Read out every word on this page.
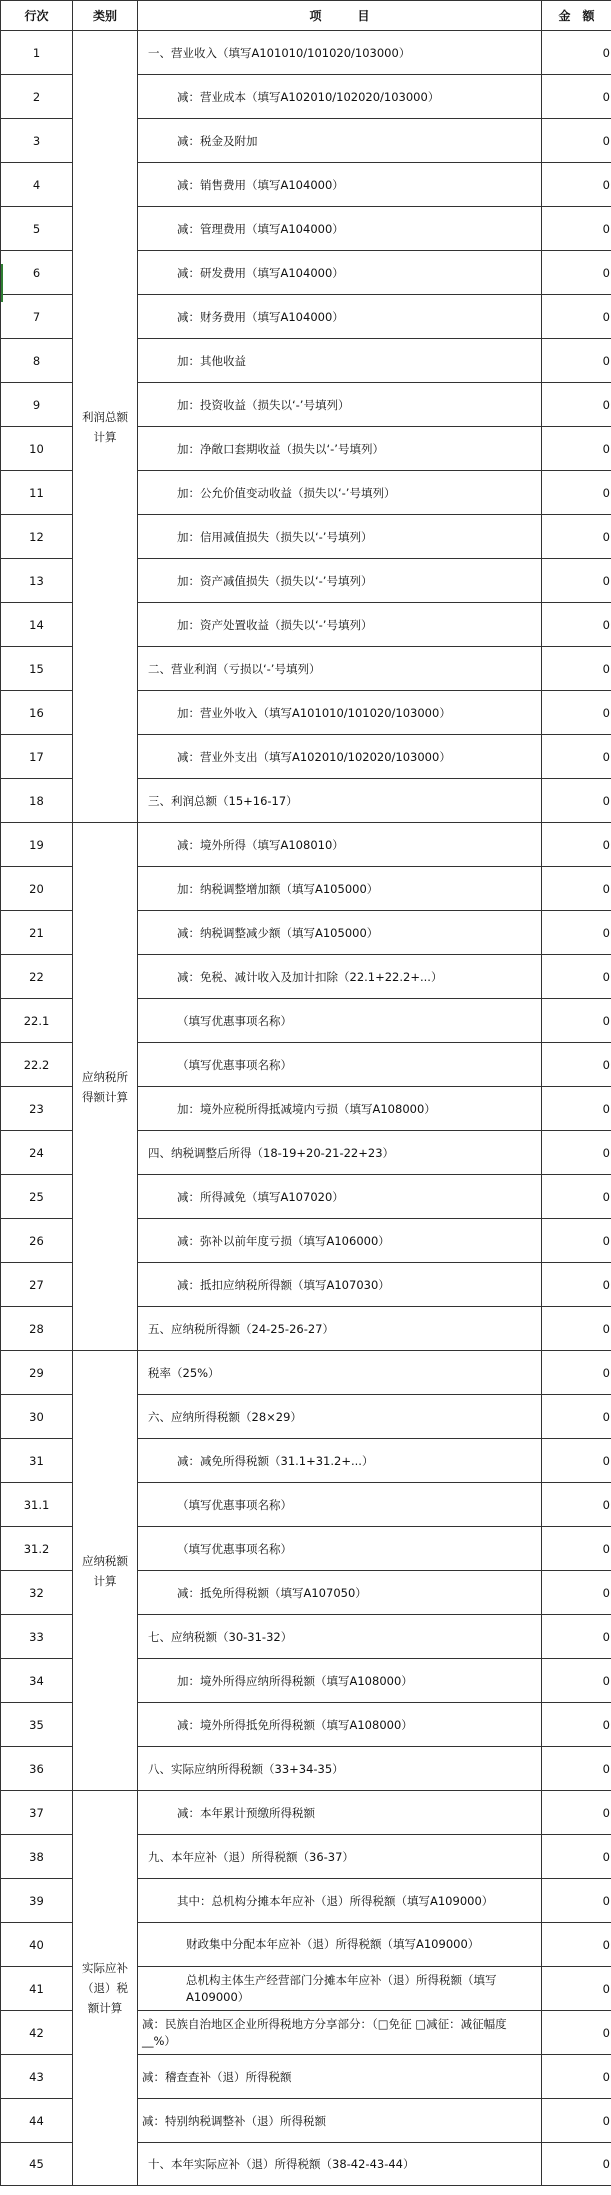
行次	类别	项　　　目	金　额
1	利润总额计算	一、营业收入（填写A101010/101020/103000）	0
2		减：营业成本（填写A102010/102020/103000）	0
3		减：税金及附加	0
4		减：销售费用（填写A104000）	0
5		减：管理费用（填写A104000）	0
6		减：研发费用（填写A104000）	0
7		减：财务费用（填写A104000）	0
8		加：其他收益	0
9		加：投资收益（损失以‘-’号填列）	0
10		加：净敞口套期收益（损失以‘-’号填列）	0
11		加：公允价值变动收益（损失以‘-’号填列）	0
12		加：信用减值损失（损失以‘-’号填列）	0
13		加：资产减值损失（损失以‘-’号填列）	0
14		加：资产处置收益（损失以‘-’号填列）	0
15		二、营业利润（亏损以‘-’号填列）	0
16		加：营业外收入（填写A101010/101020/103000）	0
17		减：营业外支出（填写A102010/102020/103000）	0
18		三、利润总额（15+16-17）	0
19	应纳税所得额计算	减：境外所得（填写A108010）	0
20		加：纳税调整增加额（填写A105000）	0
21		减：纳税调整减少额（填写A105000）	0
22		减：免税、减计收入及加计扣除（22.1+22.2+...）	0
22.1		（填写优惠事项名称）	0
22.2		（填写优惠事项名称）	0
23		加：境外应税所得抵减境内亏损（填写A108000）	0
24		四、纳税调整后所得（18-19+20-21-22+23）	0
25		减：所得减免（填写A107020）	0
26		减：弥补以前年度亏损（填写A106000）	0
27		减：抵扣应纳税所得额（填写A107030）	0
28		五、应纳税所得额（24-25-26-27）	0
29	应纳税额计算	税率（25%）	0
30		六、应纳所得税额（28×29）	0
31		减：减免所得税额（31.1+31.2+...）	0
31.1		（填写优惠事项名称）	0
31.2		（填写优惠事项名称）	0
32		减：抵免所得税额（填写A107050）	0
33		七、应纳税额（30-31-32）	0
34		加：境外所得应纳所得税额（填写A108000）	0
35		减：境外所得抵免所得税额（填写A108000）	0
36		八、实际应纳所得税额（33+34-35）	0
37	实际应补（退）税额计算	减：本年累计预缴所得税额	0
38		九、本年应补（退）所得税额（36-37）	0
39		其中：总机构分摊本年应补（退）所得税额（填写A109000）	0
40		财政集中分配本年应补（退）所得税额（填写A109000）	0
41		总机构主体生产经营部门分摊本年应补（退）所得税额（填写A109000）	0
42		减：民族自治地区企业所得税地方分享部分：（□免征 □减征：减征幅度__%）	0
43		减：稽查查补（退）所得税额	0
44		减：特别纳税调整补（退）所得税额	0
45		十、本年实际应补（退）所得税额（38-42-43-44）	0
